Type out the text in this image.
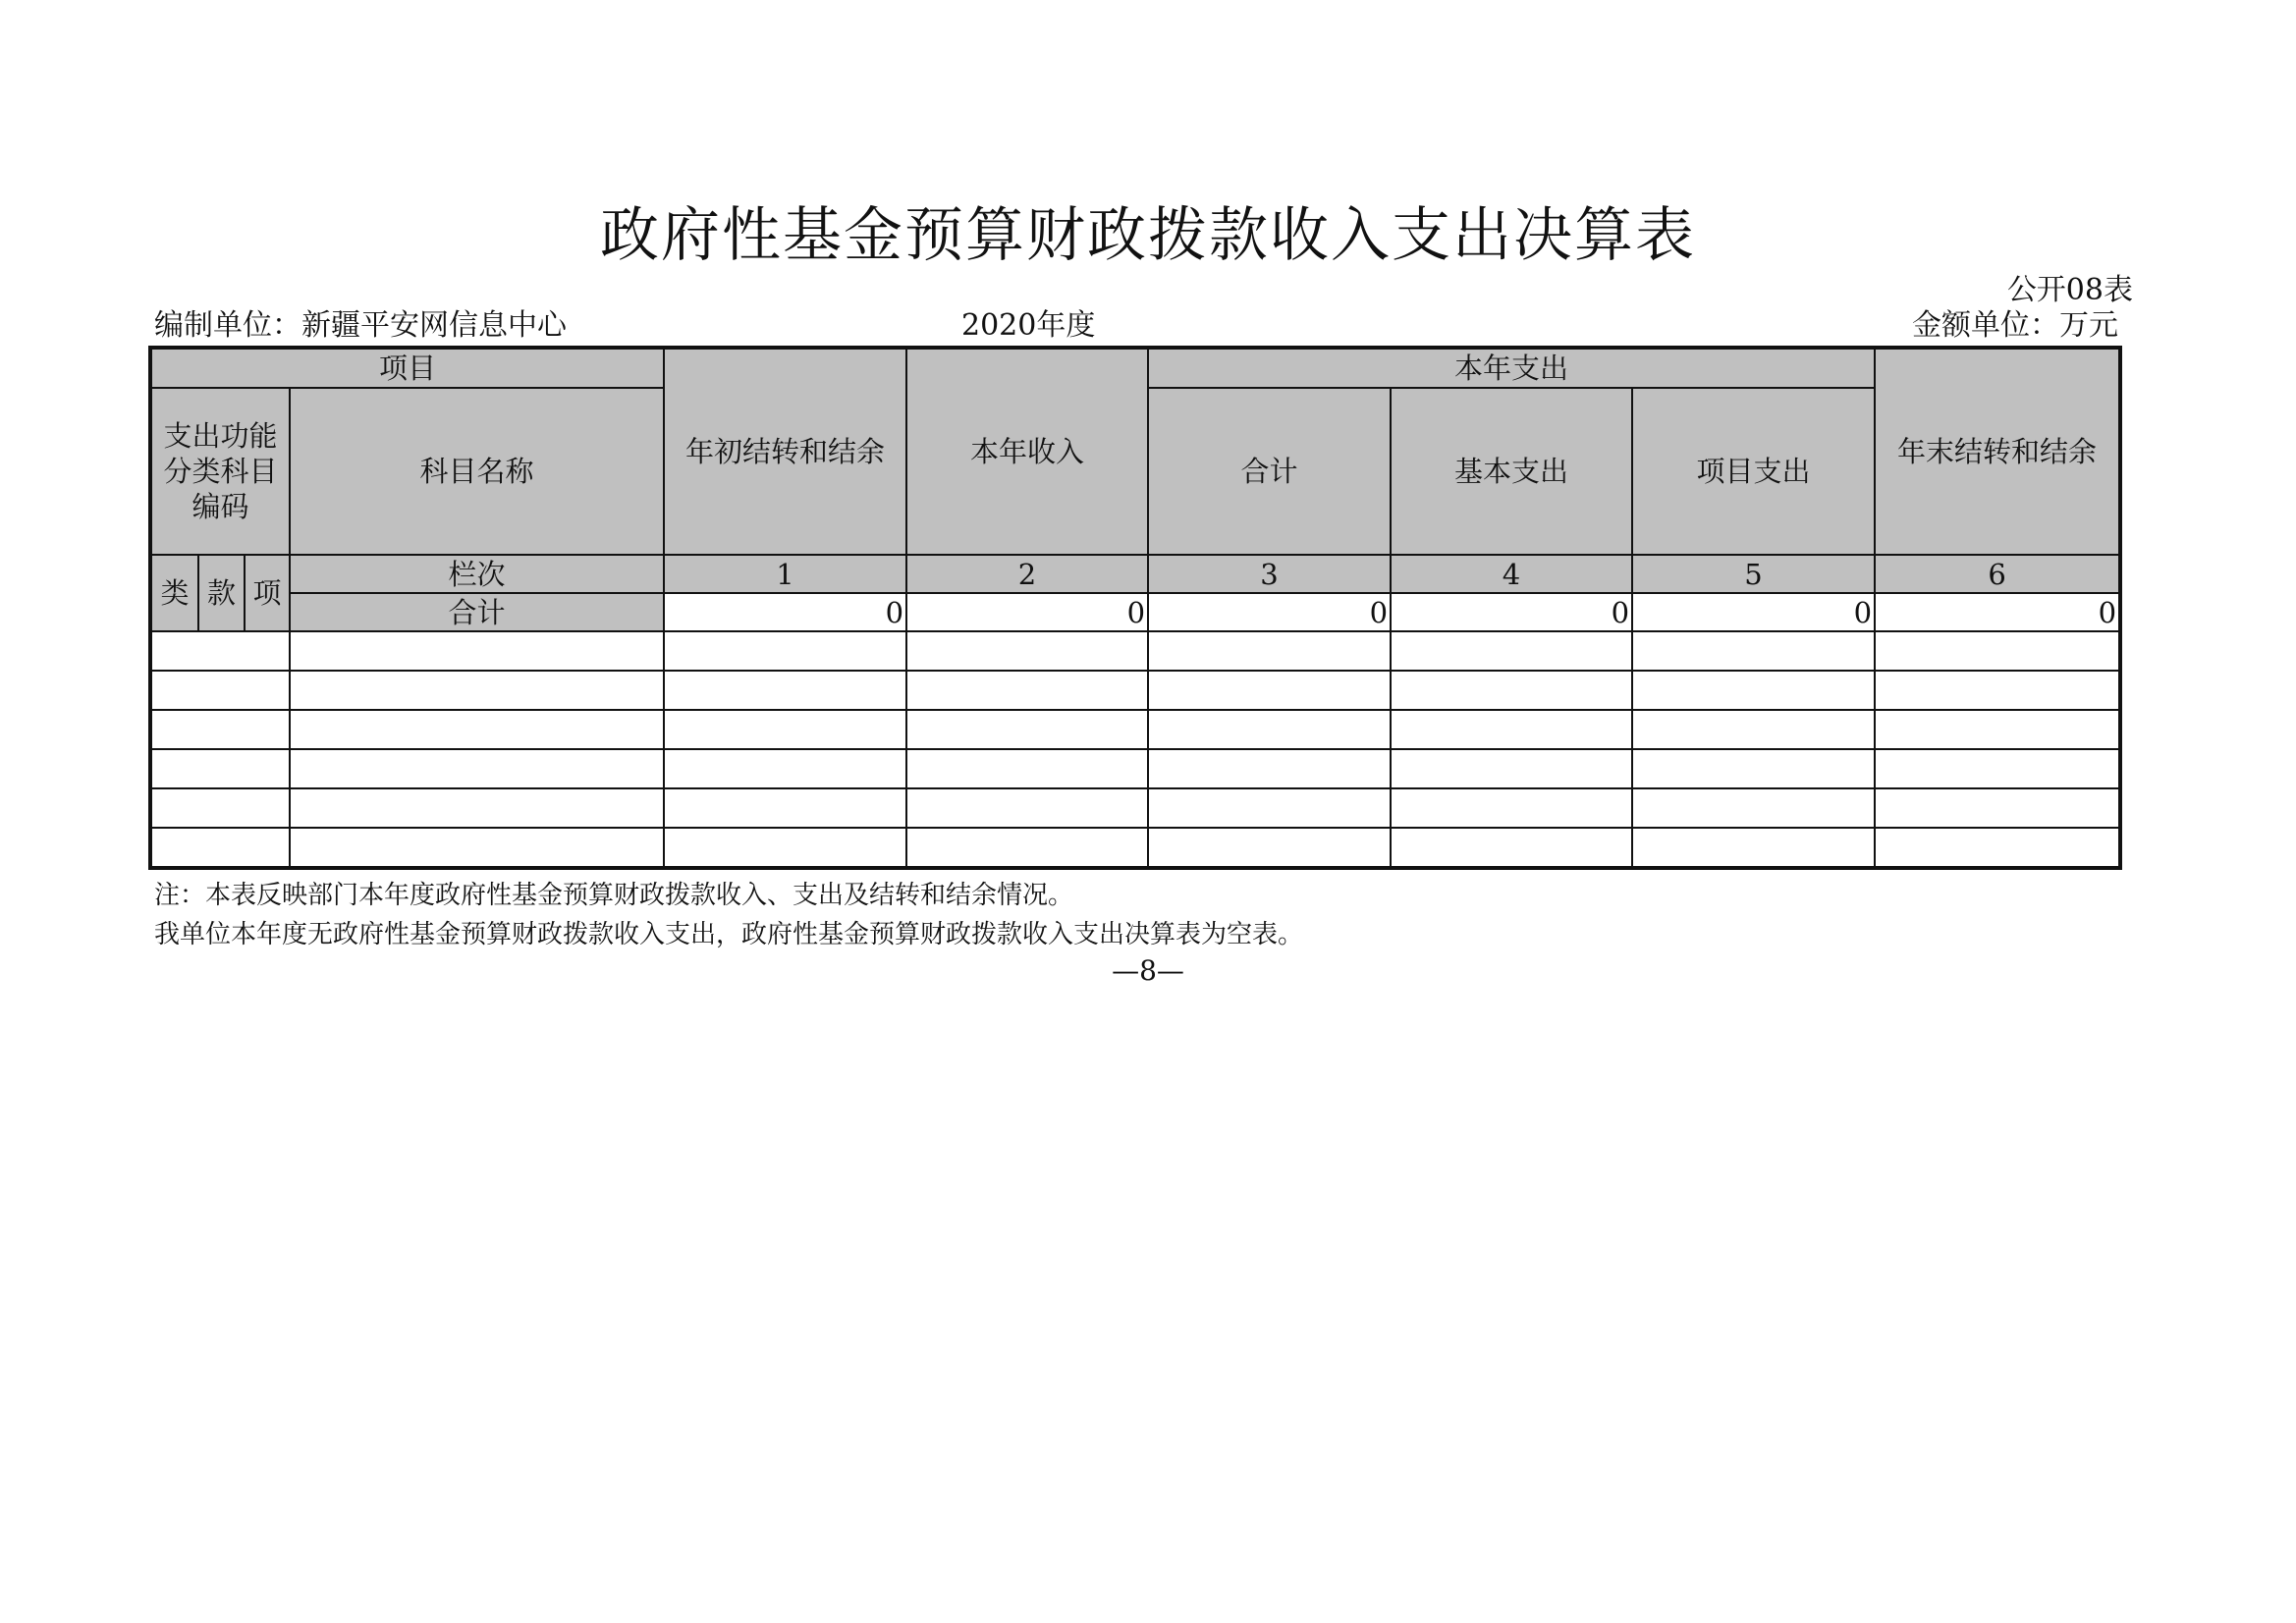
政府性基金预算财政拨款收入支出决算表
公开08表
编制单位：新疆平安网信息中心	2020年度	金额单位：万元
项目				年初结转和结余	本年收入	本年支出			年末结转和结余
支出功能分类科目编码			科目名称			合计	基本支出	项目支出	
类	款	项	栏次	1	2	3	4	5	6
			合计	0	0	0	0	0	0

注：本表反映部门本年度政府性基金预算财政拨款收入、支出及结转和结余情况。
我单位本年度无政府性基金预算财政拨款收入支出，政府性基金预算财政拨款收入支出决算表为空表。
—8—
